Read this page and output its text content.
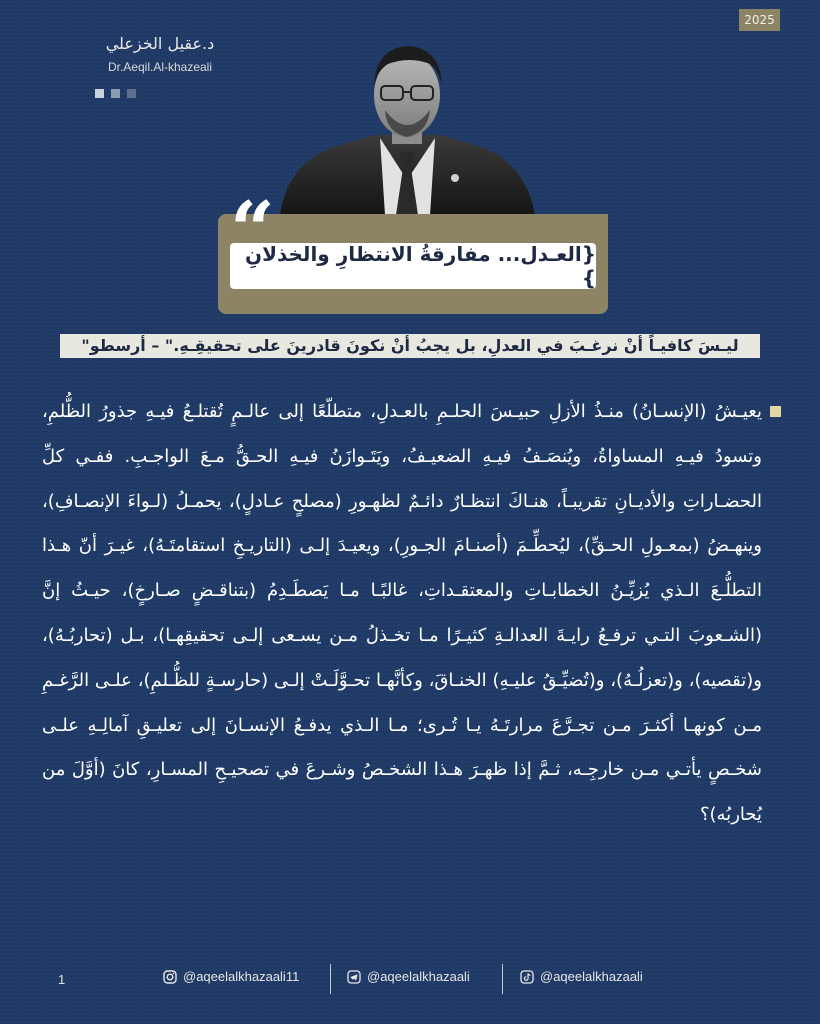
2025
د.عقيل الخزعلي
Dr.Aeqil.Al-khazeali
{العـدل... مفارقةُ الانتظارِ والخذلانِ }
“
ليـسَ كافيـاً أنْ نرغـبَ في العدلِ، بل يجبُ أنْ نكونَ قادرينَ على تحقيقِـهِ." – أرسطو"
يعيـشُ (الإنسـانُ) منـذُ الأزلِ حبيـسَ الحلـمِ بالعـدلِ، متطلّعًا إلى عالـمٍ تُقتلـعُ فيـهِ جذورُ الظُّلمِ، وتسودُ فيـهِ المساواةُ، ويُنصَـفُ فيـهِ الضعيـفُ، ويَتَـوازَنُ فيـهِ الحـقُّ مـعَ الواجـبِ. ففـي كلِّ الحضـاراتِ والأديـانِ تقريبـاً، هنـاكَ انتظـارٌ دائـمٌ لظهـورِ (مصلحٍ عـادلٍ)، يحمـلُ (لـواءَ الإنصـافِ)، وينهـضُ (بمعـولِ الحـقِّ)، ليُحطِّـمَ (أصنـامَ الجـورِ)، ويعيـدَ إلـى (التاريـخِ استقامتَـهُ)، غيـرَ أنّ هـذا التطلُّـعَ الـذي يُزيِّـنُ الخطابـاتِ والمعتقـداتِ، غالبًـا مـا يَصطَـدِمُ (بتناقـضٍ صـارخٍ)، حيـثُ إنَّ (الشـعوبَ التـي ترفـعُ رايـةَ العدالـةِ كثيـرًا مـا تخـذلُ مـن يسـعى إلـى تحقيقِهـا)، بـل (تحاربُـهُ)، و(تقصيه)، و(تعزلُـهُ)، و(تُضيِّـقُ عليـهِ) الخنـاقَ، وكأنَّهـا تحـوَّلَـتْ إلـى (حارسـةٍ للظُّـلمِ)، علـى الرَّغـمِ مـن كونهـا أكثـرَ مـن تجـرَّعَ مرارتَـهُ يـا تُـرى؛ مـا الـذي يدفـعُ الإنسـانَ إلى تعليـقِ آمالِـهِ علـى شخـصٍ يأتـي مـن خارجِـه، ثـمَّ إذا ظهـرَ هـذا الشخـصُ وشـرعَ في تصحيـحِ المسـارِ، كانَ (أوَّلَ من يُحاربُه)؟
1	@aqeelalkhazaali11	@aqeelalkhazaali	@aqeelalkhazaali
